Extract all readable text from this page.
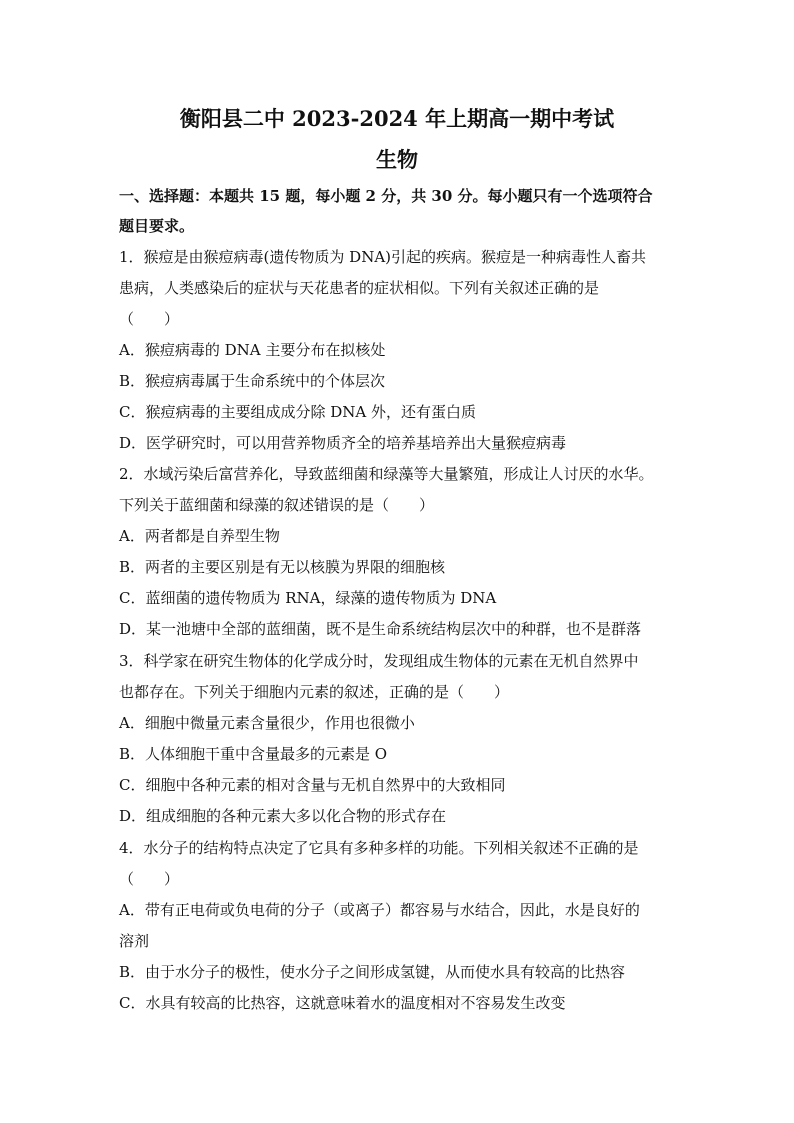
衡阳县二中 2023-2024 年上期高一期中考试
生物

一、选择题：本题共 15 题，每小题 2 分，共 30 分。每小题只有一个选项符合

题目要求。

1．猴痘是由猴痘病毒(遗传物质为 DNA)引起的疾病。猴痘是一种病毒性人畜共

患病，人类感染后的症状与天花患者的症状相似。下列有关叙述正确的是

（　　）

A．猴痘病毒的 DNA 主要分布在拟核处

B．猴痘病毒属于生命系统中的个体层次

C．猴痘病毒的主要组成成分除 DNA 外，还有蛋白质

D．医学研究时，可以用营养物质齐全的培养基培养出大量猴痘病毒

2．水域污染后富营养化，导致蓝细菌和绿藻等大量繁殖，形成让人讨厌的水华。

下列关于蓝细菌和绿藻的叙述错误的是（　　）

A．两者都是自养型生物

B．两者的主要区别是有无以核膜为界限的细胞核

C．蓝细菌的遗传物质为 RNA，绿藻的遗传物质为 DNA

D．某一池塘中全部的蓝细菌，既不是生命系统结构层次中的种群，也不是群落

3．科学家在研究生物体的化学成分时，发现组成生物体的元素在无机自然界中

也都存在。下列关于细胞内元素的叙述，正确的是（　　）

A．细胞中微量元素含量很少，作用也很微小

B．人体细胞干重中含量最多的元素是 O

C．细胞中各种元素的相对含量与无机自然界中的大致相同

D．组成细胞的各种元素大多以化合物的形式存在

4．水分子的结构特点决定了它具有多种多样的功能。下列相关叙述不正确的是

（　　）

A．带有正电荷或负电荷的分子（或离子）都容易与水结合，因此，水是良好的

溶剂

B．由于水分子的极性，使水分子之间形成氢键，从而使水具有较高的比热容

C．水具有较高的比热容，这就意味着水的温度相对不容易发生改变
